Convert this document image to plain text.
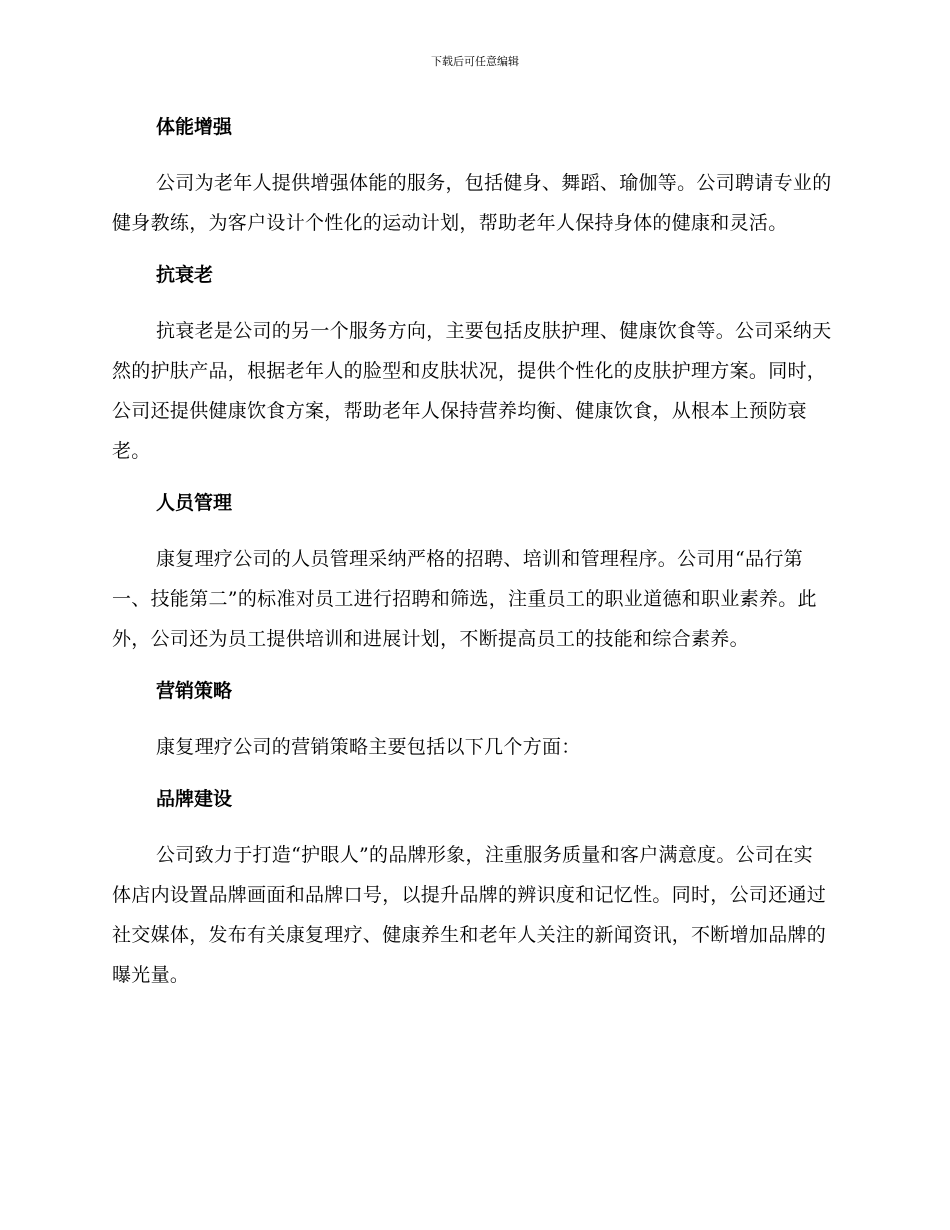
下载后可任意编辑
体能增强

公司为老年人提供增强体能的服务，包括健身、舞蹈、瑜伽等。公司聘请专业的健身教练，为客户设计个性化的运动计划，帮助老年人保持身体的健康和灵活。

抗衰老

抗衰老是公司的另一个服务方向，主要包括皮肤护理、健康饮食等。公司采纳天然的护肤产品，根据老年人的脸型和皮肤状况，提供个性化的皮肤护理方案。同时，公司还提供健康饮食方案，帮助老年人保持营养均衡、健康饮食，从根本上预防衰老。

人员管理

康复理疗公司的人员管理采纳严格的招聘、培训和管理程序。公司用“品行第一、技能第二”的标准对员工进行招聘和筛选，注重员工的职业道德和职业素养。此外，公司还为员工提供培训和进展计划，不断提高员工的技能和综合素养。

营销策略

康复理疗公司的营销策略主要包括以下几个方面：

品牌建设

公司致力于打造“护眼人”的品牌形象，注重服务质量和客户满意度。公司在实体店内设置品牌画面和品牌口号，以提升品牌的辨识度和记忆性。同时，公司还通过社交媒体，发布有关康复理疗、健康养生和老年人关注的新闻资讯，不断增加品牌的曝光量。
